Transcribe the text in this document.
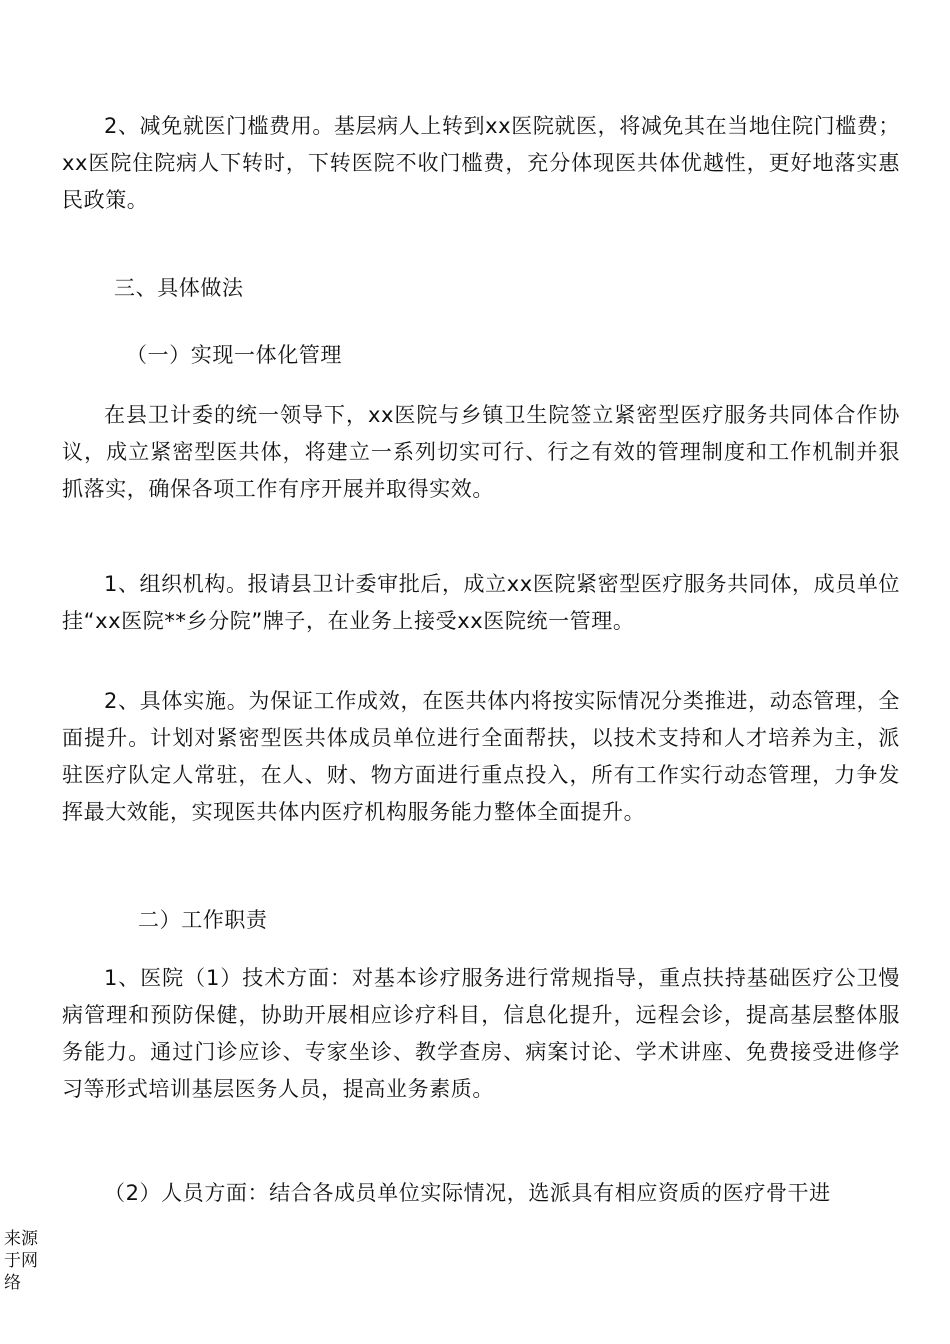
2、减免就医门槛费用。基层病人上转到xx医院就医，将减免其在当地住院门槛费；xx医院住院病人下转时，下转医院不收门槛费，充分体现医共体优越性，更好地落实惠民政策。

三、具体做法

（一）实现一体化管理

在县卫计委的统一领导下，xx医院与乡镇卫生院签立紧密型医疗服务共同体合作协议，成立紧密型医共体，将建立一系列切实可行、行之有效的管理制度和工作机制并狠抓落实，确保各项工作有序开展并取得实效。

1、组织机构。报请县卫计委审批后，成立xx医院紧密型医疗服务共同体，成员单位挂“xx医院**乡分院”牌子，在业务上接受xx医院统一管理。

2、具体实施。为保证工作成效，在医共体内将按实际情况分类推进，动态管理，全面提升。计划对紧密型医共体成员单位进行全面帮扶，以技术支持和人才培养为主，派驻医疗队定人常驻，在人、财、物方面进行重点投入，所有工作实行动态管理，力争发挥最大效能，实现医共体内医疗机构服务能力整体全面提升。

二）工作职责

1、医院（1）技术方面：对基本诊疗服务进行常规指导，重点扶持基础医疗公卫慢病管理和预防保健，协助开展相应诊疗科目，信息化提升，远程会诊，提高基层整体服务能力。通过门诊应诊、专家坐诊、教学查房、病案讨论、学术讲座、免费接受进修学习等形式培训基层医务人员，提高业务素质。

（2）人员方面：结合各成员单位实际情况，选派具有相应资质的医疗骨干进

来源于网络
